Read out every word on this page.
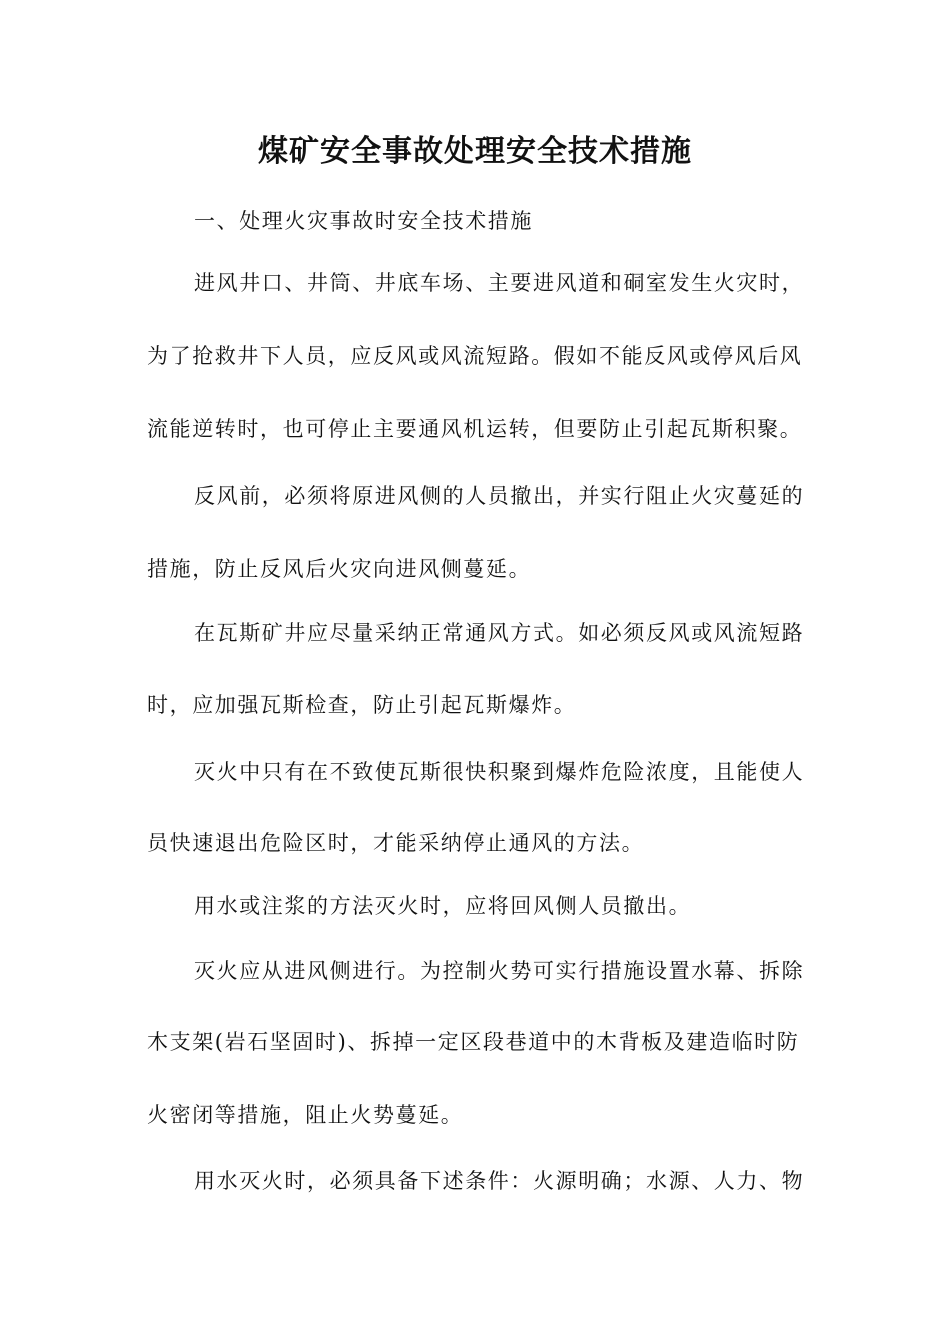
煤矿安全事故处理安全技术措施
一、处理火灾事故时安全技术措施
进风井口、井筒、井底车场、主要进风道和硐室发生火灾时，
为了抢救井下人员，应反风或风流短路。假如不能反风或停风后风
流能逆转时，也可停止主要通风机运转，但要防止引起瓦斯积聚。
反风前，必须将原进风侧的人员撤出，并实行阻止火灾蔓延的
措施，防止反风后火灾向进风侧蔓延。
在瓦斯矿井应尽量采纳正常通风方式。如必须反风或风流短路
时，应加强瓦斯检查，防止引起瓦斯爆炸。
灭火中只有在不致使瓦斯很快积聚到爆炸危险浓度，且能使人
员快速退出危险区时，才能采纳停止通风的方法。
用水或注浆的方法灭火时，应将回风侧人员撤出。
灭火应从进风侧进行。为控制火势可实行措施设置水幕、拆除
木支架(岩石坚固时)、拆掉一定区段巷道中的木背板及建造临时防
火密闭等措施，阻止火势蔓延。
用水灭火时，必须具备下述条件：火源明确；水源、人力、物
